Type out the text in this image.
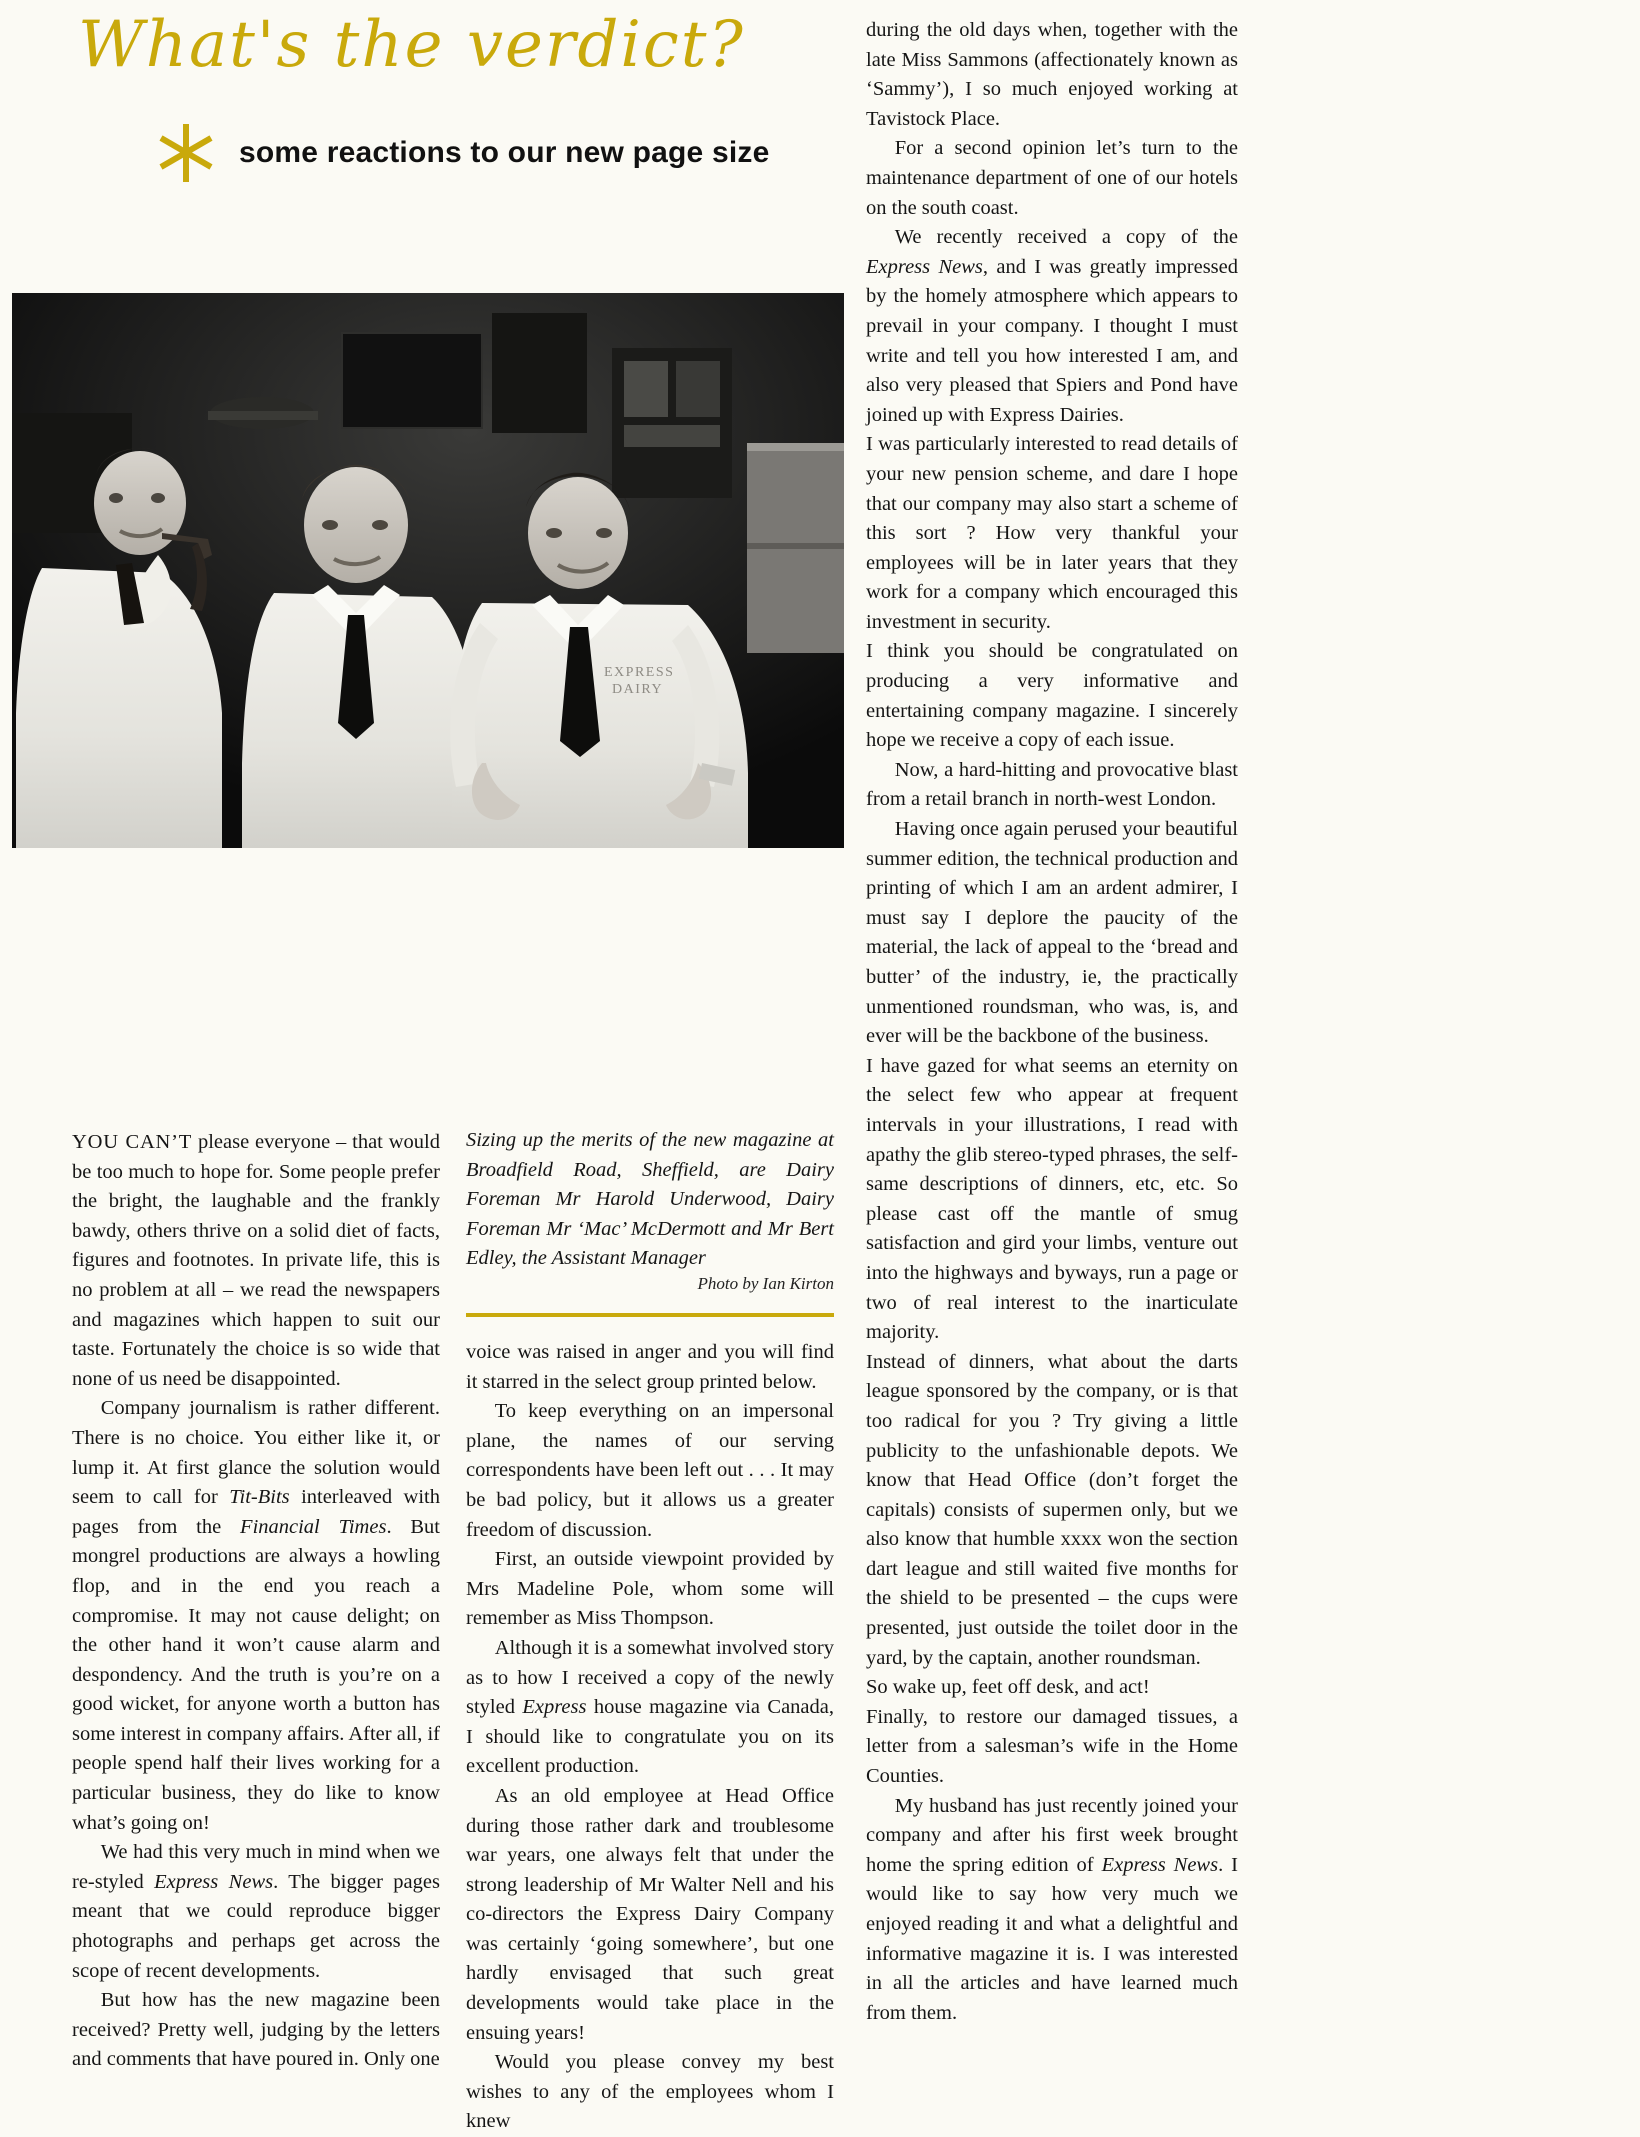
What's the verdict?
some reactions to our new page size
EXPRESS
DAIRY
Sizing up the merits of the new magazine at Broadfield Road, Sheffield, are Dairy Foreman Mr Harold Underwood, Dairy Foreman Mr ‘Mac’ McDermott and Mr Bert Edley, the Assistant Manager
Photo by Ian Kirton

YOU CAN’T please everyone – that would be too much to hope for. Some people prefer the bright, the laughable and the frankly bawdy, others thrive on a solid diet of facts, figures and footnotes. In private life, this is no problem at all – we read the newspapers and magazines which happen to suit our taste. Fortunately the choice is so wide that none of us need be disappointed.

Company journalism is rather different. There is no choice. You either like it, or lump it. At first glance the solution would seem to call for Tit-Bits interleaved with pages from the Financial Times. But mongrel productions are always a howling flop, and in the end you reach a compromise. It may not cause delight; on the other hand it won’t cause alarm and despondency. And the truth is you’re on a good wicket, for anyone worth a button has some interest in company affairs. After all, if people spend half their lives working for a particular business, they do like to know what’s going on!

We had this very much in mind when we re-styled Express News. The bigger pages meant that we could reproduce bigger photographs and perhaps get across the scope of recent developments.

But how has the new magazine been received? Pretty well, judging by the letters and comments that have poured in. Only one

voice was raised in anger and you will find it starred in the select group printed below.

To keep everything on an impersonal plane, the names of our serving correspondents have been left out . . . It may be bad policy, but it allows us a greater freedom of discussion.

First, an outside viewpoint provided by Mrs Madeline Pole, whom some will remember as Miss Thompson.

Although it is a somewhat involved story as to how I received a copy of the newly styled Express house magazine via Canada, I should like to congratulate you on its excellent production.

As an old employee at Head Office during those rather dark and troublesome war years, one always felt that under the strong leadership of Mr Walter Nell and his co-directors the Express Dairy Company was certainly ‘going somewhere’, but one hardly envisaged that such great developments would take place in the ensuing years!

Would you please convey my best wishes to any of the employees whom I knew

during the old days when, together with the late Miss Sammons (affectionately known as ‘Sammy’), I so much enjoyed working at Tavistock Place.

For a second opinion let’s turn to the maintenance department of one of our hotels on the south coast.

We recently received a copy of the Express News, and I was greatly impressed by the homely atmosphere which appears to prevail in your company. I thought I must write and tell you how interested I am, and also very pleased that Spiers and Pond have joined up with Express Dairies.

I was particularly interested to read details of your new pension scheme, and dare I hope that our company may also start a scheme of this sort ? How very thankful your employees will be in later years that they work for a company which encouraged this investment in security.

I think you should be congratulated on producing a very informative and entertaining company magazine. I sincerely hope we receive a copy of each issue.

Now, a hard-hitting and provocative blast from a retail branch in north-west London.

Having once again perused your beautiful summer edition, the technical production and printing of which I am an ardent admirer, I must say I deplore the paucity of the material, the lack of appeal to the ‘bread and butter’ of the industry, ie, the practically unmentioned roundsman, who was, is, and ever will be the backbone of the business.

I have gazed for what seems an eternity on the select few who appear at frequent intervals in your illustrations, I read with apathy the glib stereo-typed phrases, the self-same descriptions of dinners, etc, etc. So please cast off the mantle of smug satisfaction and gird your limbs, venture out into the highways and byways, run a page or two of real interest to the inarticulate majority.

Instead of dinners, what about the darts league sponsored by the company, or is that too radical for you ? Try giving a little publicity to the unfashionable depots. We know that Head Office (don’t forget the capitals) consists of supermen only, but we also know that humble xxxx won the section dart league and still waited five months for the shield to be presented – the cups were presented, just outside the toilet door in the yard, by the captain, another roundsman.

So wake up, feet off desk, and act!

Finally, to restore our damaged tissues, a letter from a salesman’s wife in the Home Counties.

My husband has just recently joined your company and after his first week brought home the spring edition of Express News. I would like to say how very much we enjoyed reading it and what a delightful and informative magazine it is. I was interested in all the articles and have learned much from them.
